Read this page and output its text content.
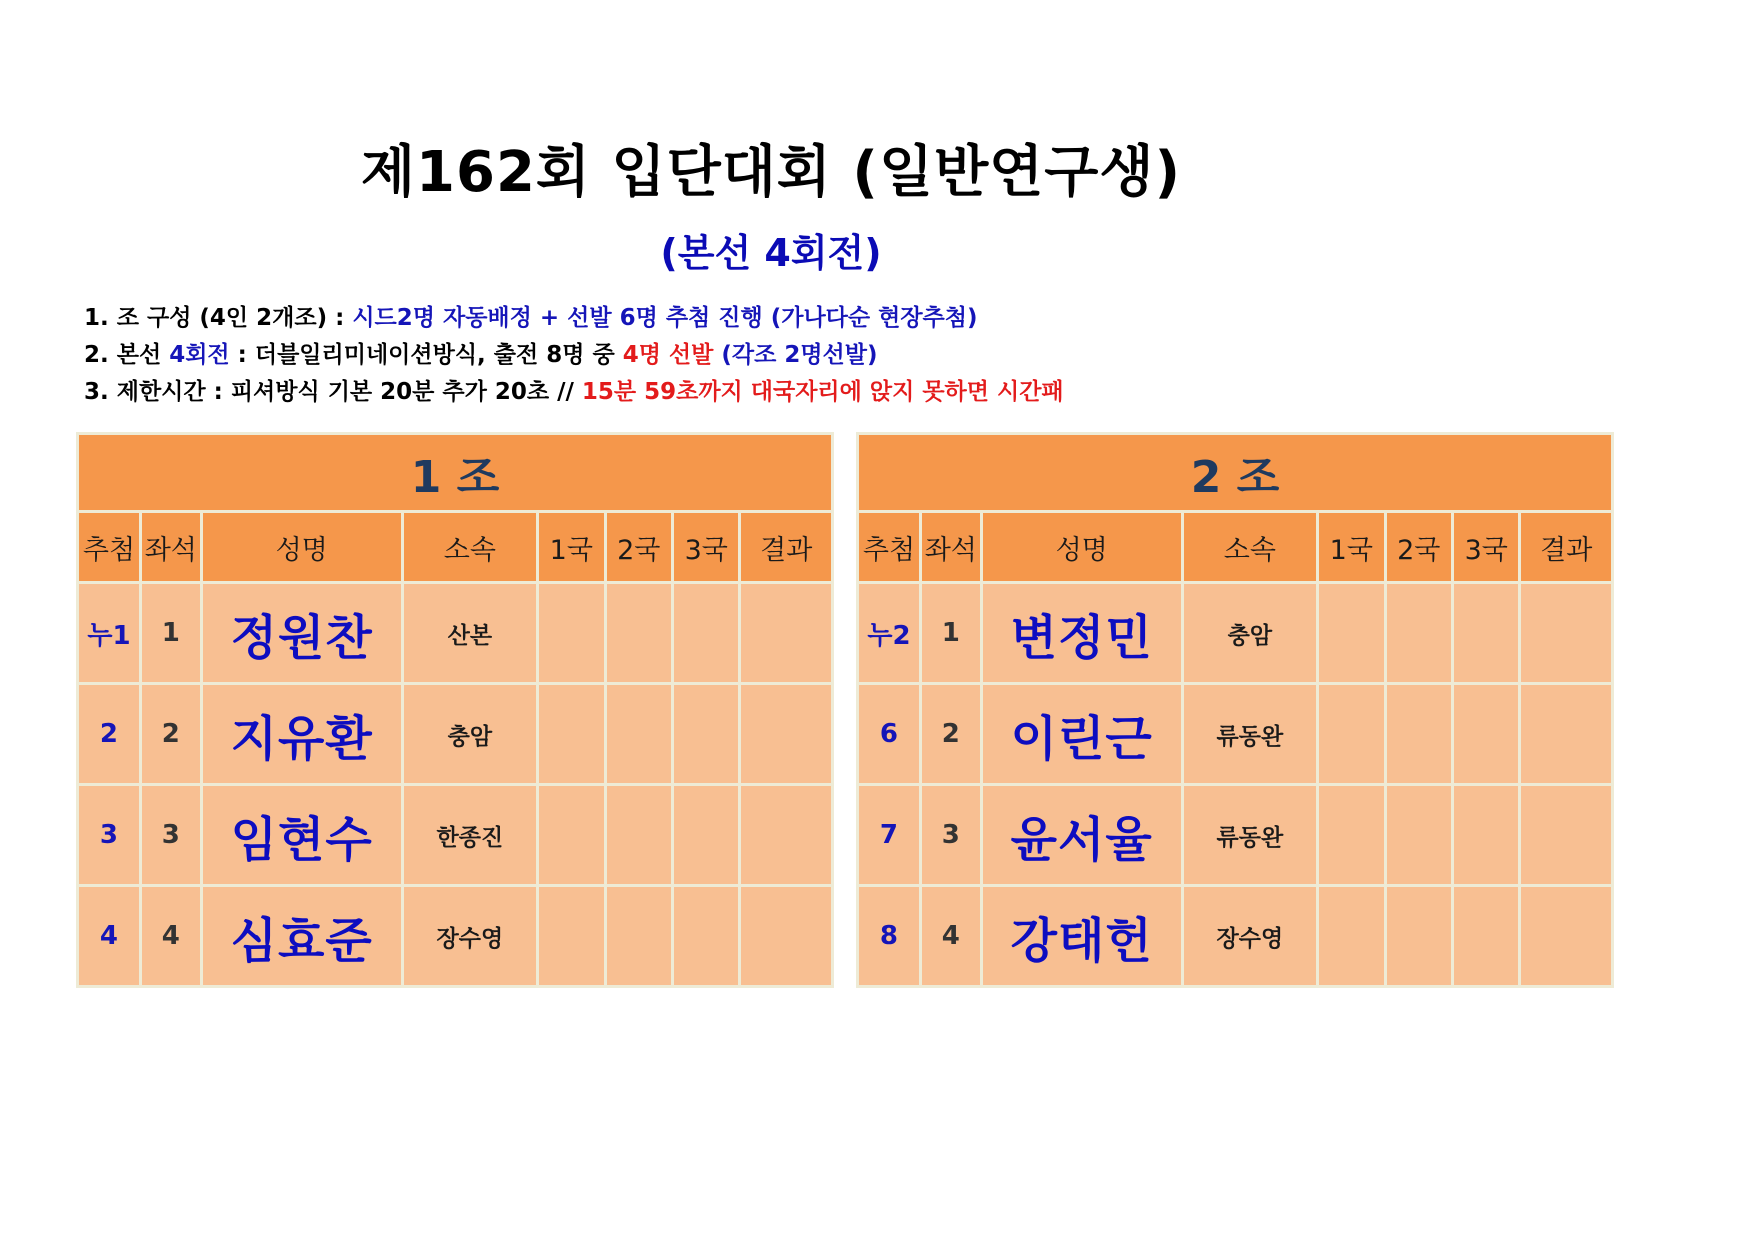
제162회 입단대회 (일반연구생)
(본선 4회전)
1. 조 구성 (4인 2개조) : 시드2명 자동배정 + 선발 6명 추첨 진행 (가나다순 현장추첨)
2. 본선 4회전 : 더블일리미네이션방식, 출전 8명 중 4명 선발 (각조 2명선발)
3. 제한시간 : 피셔방식 기본 20분 추가 20초 // 15분 59초까지 대국자리에 앉지 못하면 시간패
1 조							
추첨	좌석	성명	소속	1국	2국	3국	결과
누1	1	정원찬	산본				
2	2	지유환	충암				
3	3	임현수	한종진				
4	4	심효준	장수영				
2 조							
추첨	좌석	성명	소속	1국	2국	3국	결과
누2	1	변정민	충암				
6	2	이린근	류동완				
7	3	윤서율	류동완				
8	4	강태헌	장수영				
